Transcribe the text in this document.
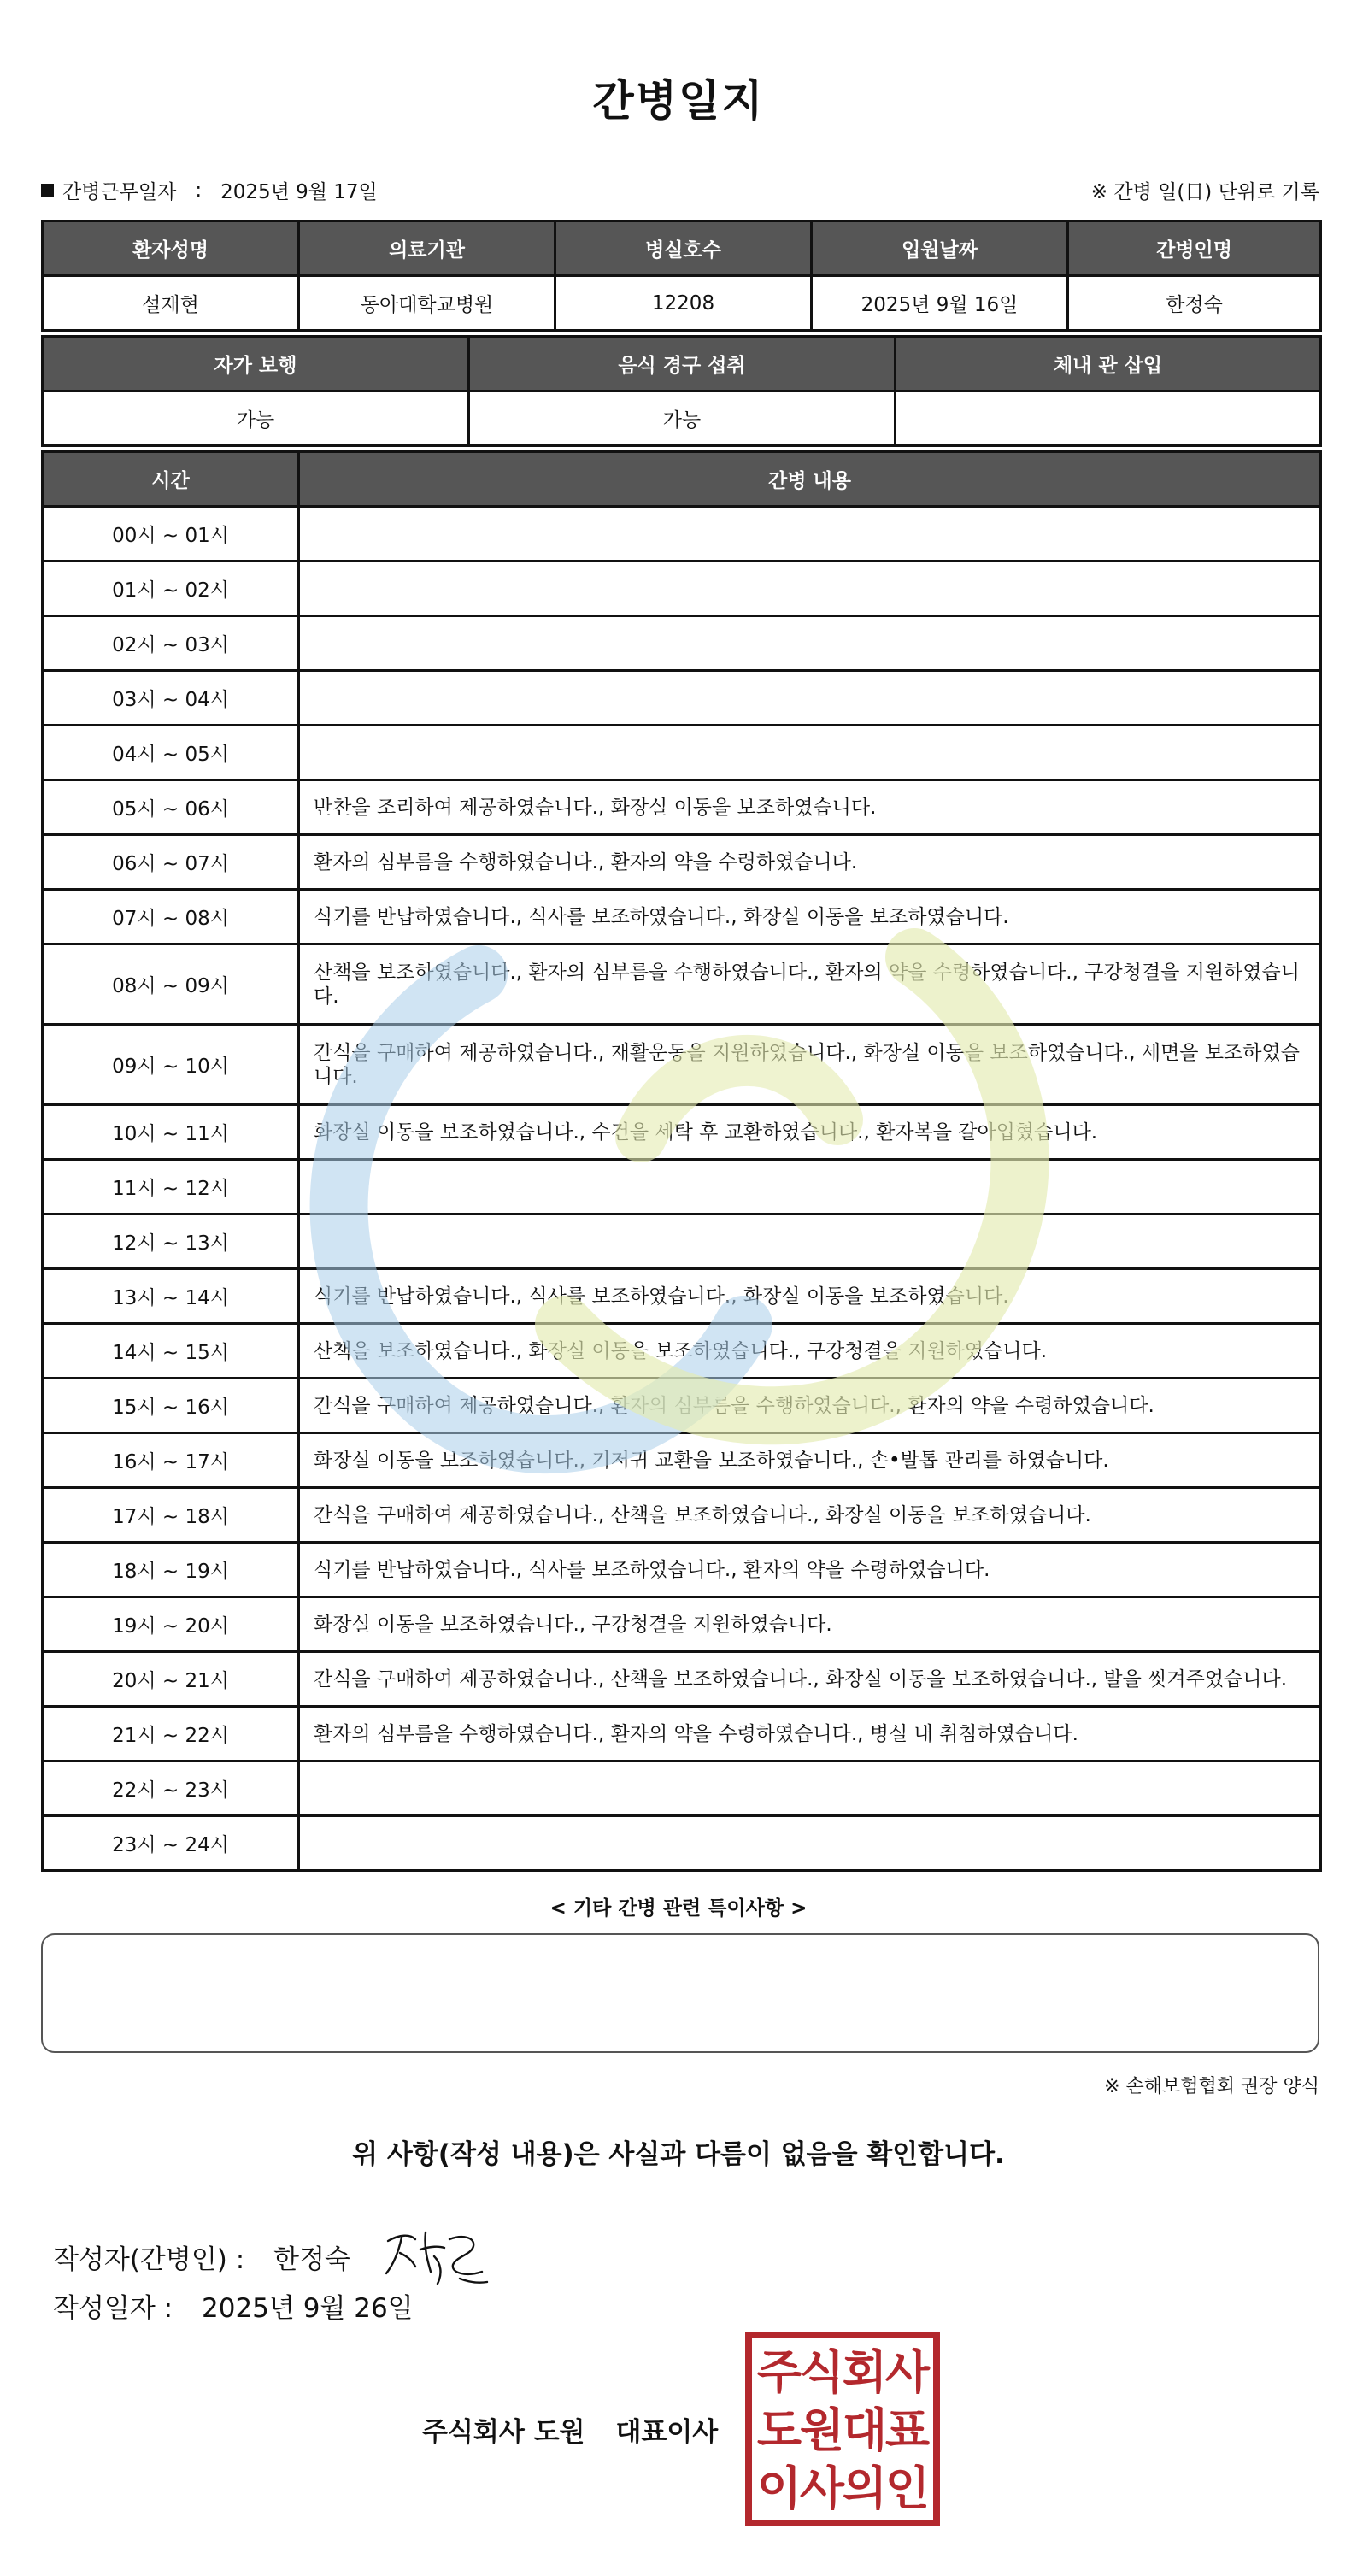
간병일지
간병근무일자 : 2025년 9월 17일	※ 간병 일(日) 단위로 기록
환자성명	의료기관	병실호수	입원날짜	간병인명
설재현	동아대학교병원	12208	2025년 9월 16일	한정숙
자가 보행	음식 경구 섭취	체내 관 삽입
가능	가능	
시간	간병 내용
00시 ~ 01시	
01시 ~ 02시	
02시 ~ 03시	
03시 ~ 04시	
04시 ~ 05시	
05시 ~ 06시	반찬을 조리하여 제공하였습니다., 화장실 이동을 보조하였습니다.
06시 ~ 07시	환자의 심부름을 수행하였습니다., 환자의 약을 수령하였습니다.
07시 ~ 08시	식기를 반납하였습니다., 식사를 보조하였습니다., 화장실 이동을 보조하였습니다.
08시 ~ 09시	산책을 보조하였습니다., 환자의 심부름을 수행하였습니다., 환자의 약을 수령하였습니다., 구강청결을 지원하였습니다.
09시 ~ 10시	간식을 구매하여 제공하였습니다., 재활운동을 지원하였습니다., 화장실 이동을 보조하였습니다., 세면을 보조하였습니다.
10시 ~ 11시	화장실 이동을 보조하였습니다., 수건을 세탁 후 교환하였습니다., 환자복을 갈아입혔습니다.
11시 ~ 12시	
12시 ~ 13시	
13시 ~ 14시	식기를 반납하였습니다., 식사를 보조하였습니다., 화장실 이동을 보조하였습니다.
14시 ~ 15시	산책을 보조하였습니다., 화장실 이동을 보조하였습니다., 구강청결을 지원하였습니다.
15시 ~ 16시	간식을 구매하여 제공하였습니다., 환자의 심부름을 수행하였습니다., 환자의 약을 수령하였습니다.
16시 ~ 17시	화장실 이동을 보조하였습니다., 기저귀 교환을 보조하였습니다., 손•발톱 관리를 하였습니다.
17시 ~ 18시	간식을 구매하여 제공하였습니다., 산책을 보조하였습니다., 화장실 이동을 보조하였습니다.
18시 ~ 19시	식기를 반납하였습니다., 식사를 보조하였습니다., 환자의 약을 수령하였습니다.
19시 ~ 20시	화장실 이동을 보조하였습니다., 구강청결을 지원하였습니다.
20시 ~ 21시	간식을 구매하여 제공하였습니다., 산책을 보조하였습니다., 화장실 이동을 보조하였습니다., 발을 씻겨주었습니다.
21시 ~ 22시	환자의 심부름을 수행하였습니다., 환자의 약을 수령하였습니다., 병실 내 취침하였습니다.
22시 ~ 23시	
23시 ~ 24시	
< 기타 간병 관련 특이사항 >
※ 손해보험협회 권장 양식
위 사항(작성 내용)은 사실과 다름이 없음을 확인합니다.
작성자(간병인) :	한정숙
작성일자 :	2025년 9월 26일
주식회사 도원 대표이사
주
식
회
사
도
원
대
표
이
사
의
인
